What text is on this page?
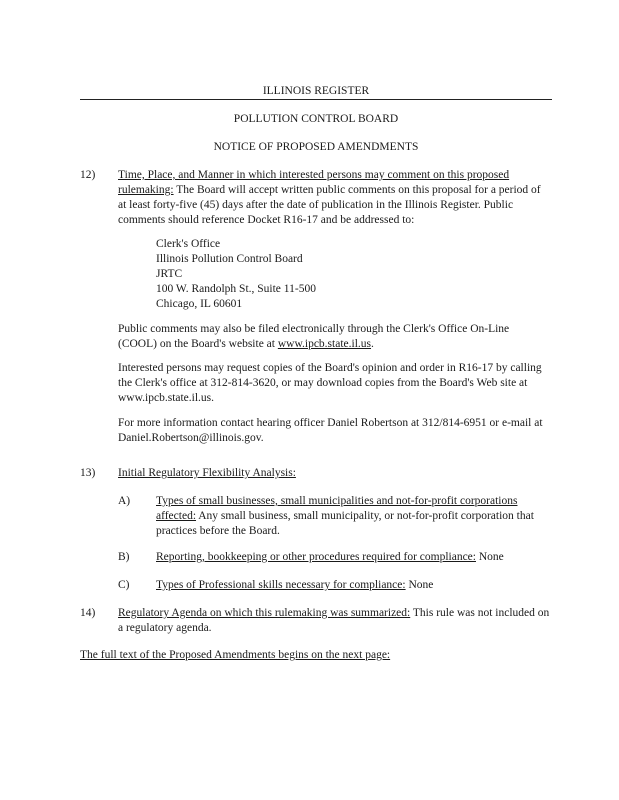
ILLINOIS REGISTER
POLLUTION CONTROL BOARD
NOTICE OF PROPOSED AMENDMENTS
12) Time, Place, and Manner in which interested persons may comment on this proposed rulemaking: The Board will accept written public comments on this proposal for a period of at least forty-five (45) days after the date of publication in the Illinois Register. Public comments should reference Docket R16-17 and be addressed to:
Clerk's Office
Illinois Pollution Control Board
JRTC
100 W. Randolph St., Suite 11-500
Chicago, IL 60601
Public comments may also be filed electronically through the Clerk's Office On-Line (COOL) on the Board's website at www.ipcb.state.il.us.
Interested persons may request copies of the Board's opinion and order in R16-17 by calling the Clerk's office at 312-814-3620, or may download copies from the Board's Web site at www.ipcb.state.il.us.
For more information contact hearing officer Daniel Robertson at 312/814-6951 or e-mail at Daniel.Robertson@illinois.gov.
13) Initial Regulatory Flexibility Analysis:
A) Types of small businesses, small municipalities and not-for-profit corporations affected: Any small business, small municipality, or not-for-profit corporation that practices before the Board.
B) Reporting, bookkeeping or other procedures required for compliance: None
C) Types of Professional skills necessary for compliance: None
14) Regulatory Agenda on which this rulemaking was summarized: This rule was not included on a regulatory agenda.
The full text of the Proposed Amendments begins on the next page:
